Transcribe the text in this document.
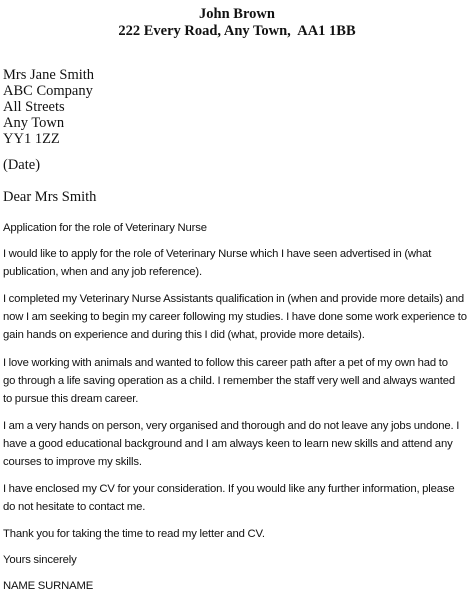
John Brown
222 Every Road, Any Town,  AA1 1BB
Mrs Jane Smith
ABC Company
All Streets
Any Town
YY1 1ZZ
(Date)
Dear Mrs Smith
Application for the role of Veterinary Nurse
I would like to apply for the role of Veterinary Nurse which I have seen advertised in (what
publication, when and any job reference).
I completed my Veterinary Nurse Assistants qualification in (when and provide more details) and
now I am seeking to begin my career following my studies. I have done some work experience to
gain hands on experience and during this I did (what, provide more details).
I love working with animals and wanted to follow this career path after a pet of my own had to
go through a life saving operation as a child. I remember the staff very well and always wanted
to pursue this dream career.
I am a very hands on person, very organised and thorough and do not leave any jobs undone. I
have a good educational background and I am always keen to learn new skills and attend any
courses to improve my skills.
I have enclosed my CV for your consideration. If you would like any further information, please
do not hesitate to contact me.
Thank you for taking the time to read my letter and CV.
Yours sincerely
NAME SURNAME
